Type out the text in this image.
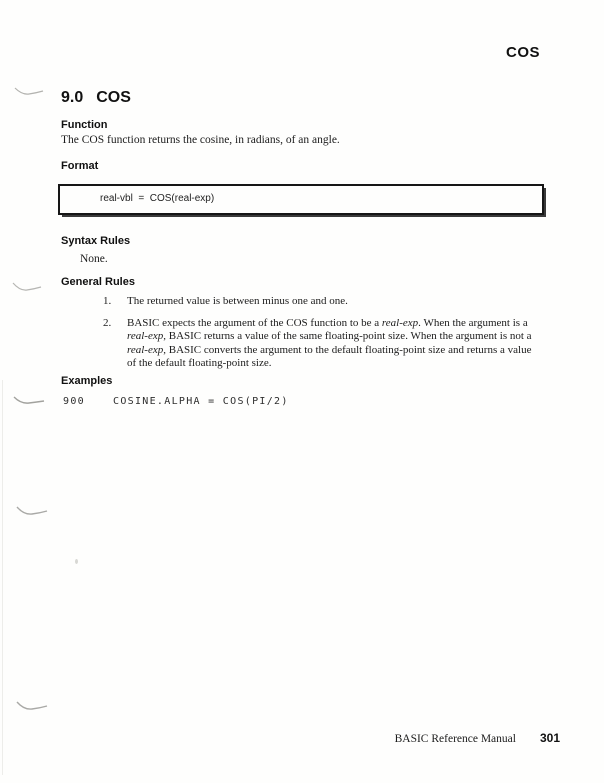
COS
9.0 COS
Function
The COS function returns the cosine, in radians, of an angle.
Format
real-vbl  =  COS(real-exp)
Syntax Rules
None.
General Rules
1.	The returned value is between minus one and one.
2.	BASIC expects the argument of the COS function to be a real-exp. When the argument is a
real-exp, BASIC returns a value of the same floating-point size. When the argument is not a
real-exp, BASIC converts the argument to the default floating-point size and returns a value
of the default floating-point size.
Examples
900	COSINE.ALPHA = COS(PI/2)
BASIC Reference Manual 301
